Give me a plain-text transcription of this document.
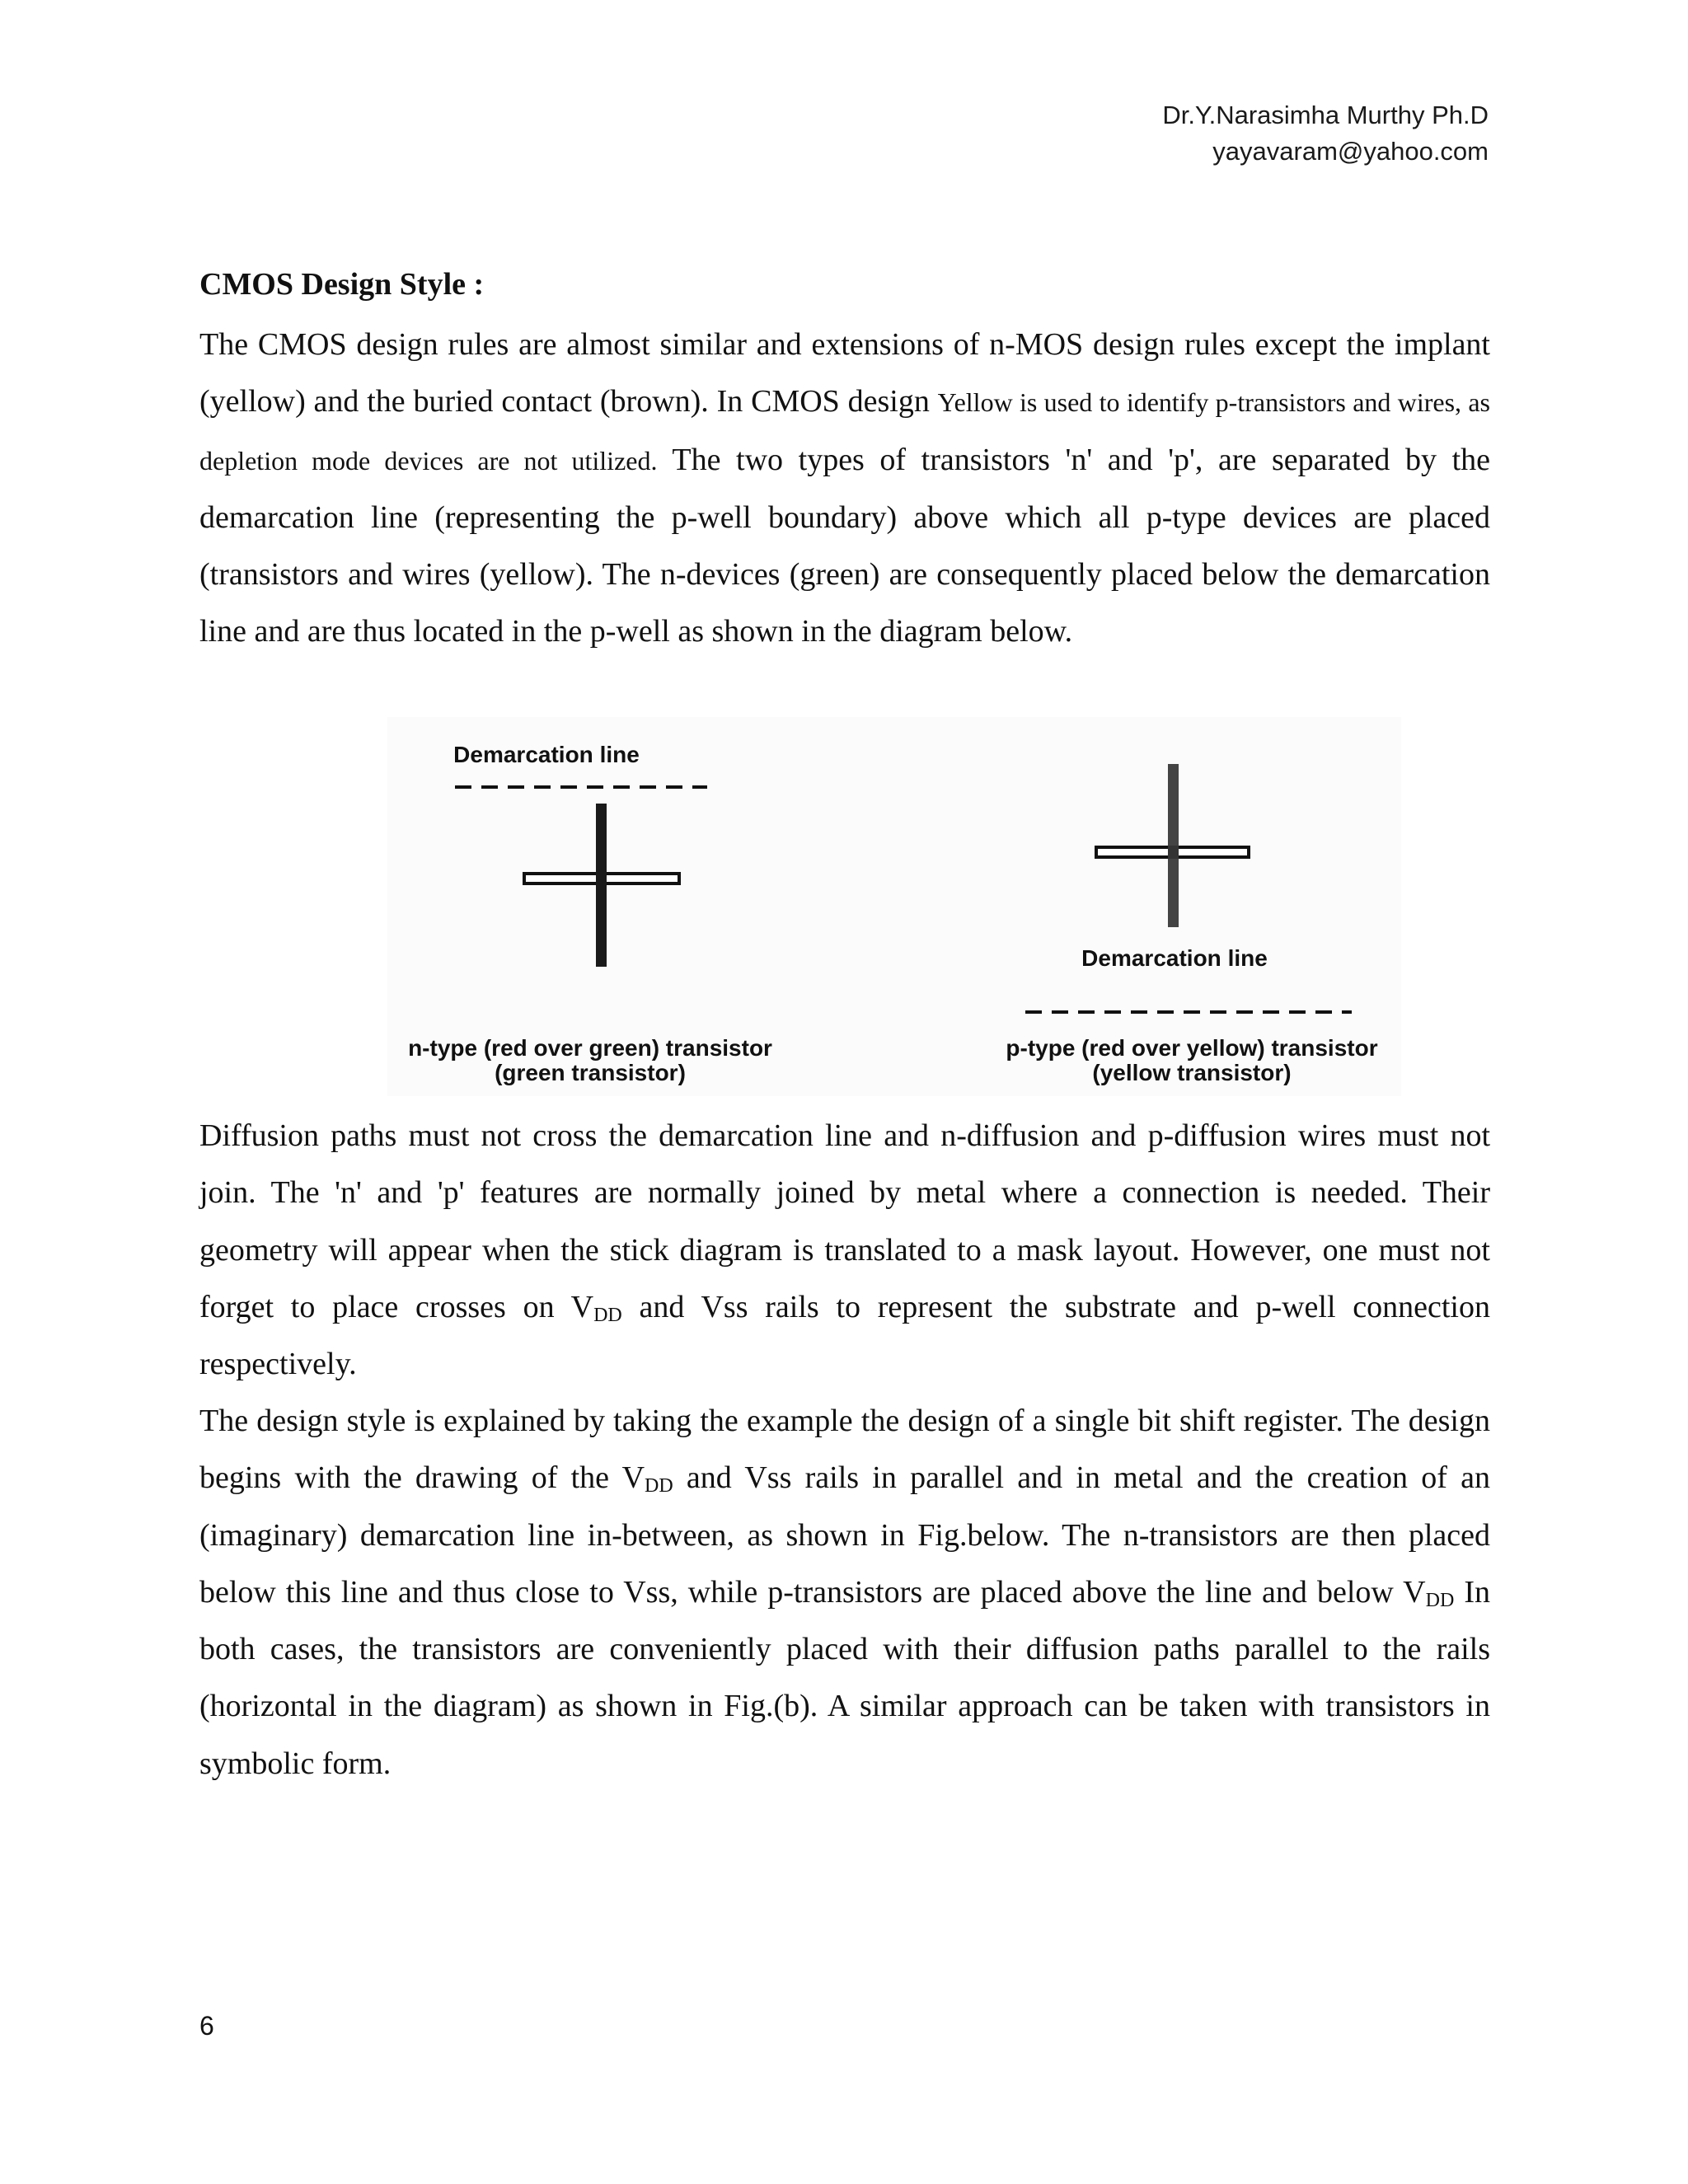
Dr.Y.Narasimha Murthy Ph.D
yayavaram@yahoo.com
CMOS Design Style :
The CMOS design rules are almost similar and extensions of n-MOS design rules except the implant (yellow) and the buried contact (brown). In CMOS design Yellow is used to identify p-transistors and wires, as depletion mode devices are not utilized. The two types of transistors 'n' and 'p', are separated by the demarcation line (representing the p-well boundary) above which all p-type devices are placed (transistors and wires (yellow). The n-devices (green) are consequently placed below the demarcation line and are thus located in the p-well as shown in the diagram below.
Demarcation line
n-type (red over green) transistor
(green transistor)
Demarcation line
p-type (red over yellow) transistor
(yellow transistor)
Diffusion paths must not cross the demarcation line and n-diffusion and p-diffusion wires must not join. The 'n' and 'p' features are normally joined by metal where a connection is needed. Their geometry will appear when the stick diagram is translated to a mask layout. However, one must not forget to place crosses on $V_{DD}$ and Vss rails to represent the substrate and p-well connection respectively.
The design style is explained by taking the example the design of a single bit shift register. The design begins with the drawing of the $V_{DD}$ and Vss rails in parallel and in metal and the creation of an (imaginary) demarcation line in-between, as shown in Fig.below. The n-transistors are then placed below this line and thus close to Vss, while p-transistors are placed above the line and below $V_{DD}$ In both cases, the transistors are conveniently placed with their diffusion paths parallel to the rails (horizontal in the diagram) as shown in Fig.(b). A similar approach can be taken with transistors in symbolic form.
6
